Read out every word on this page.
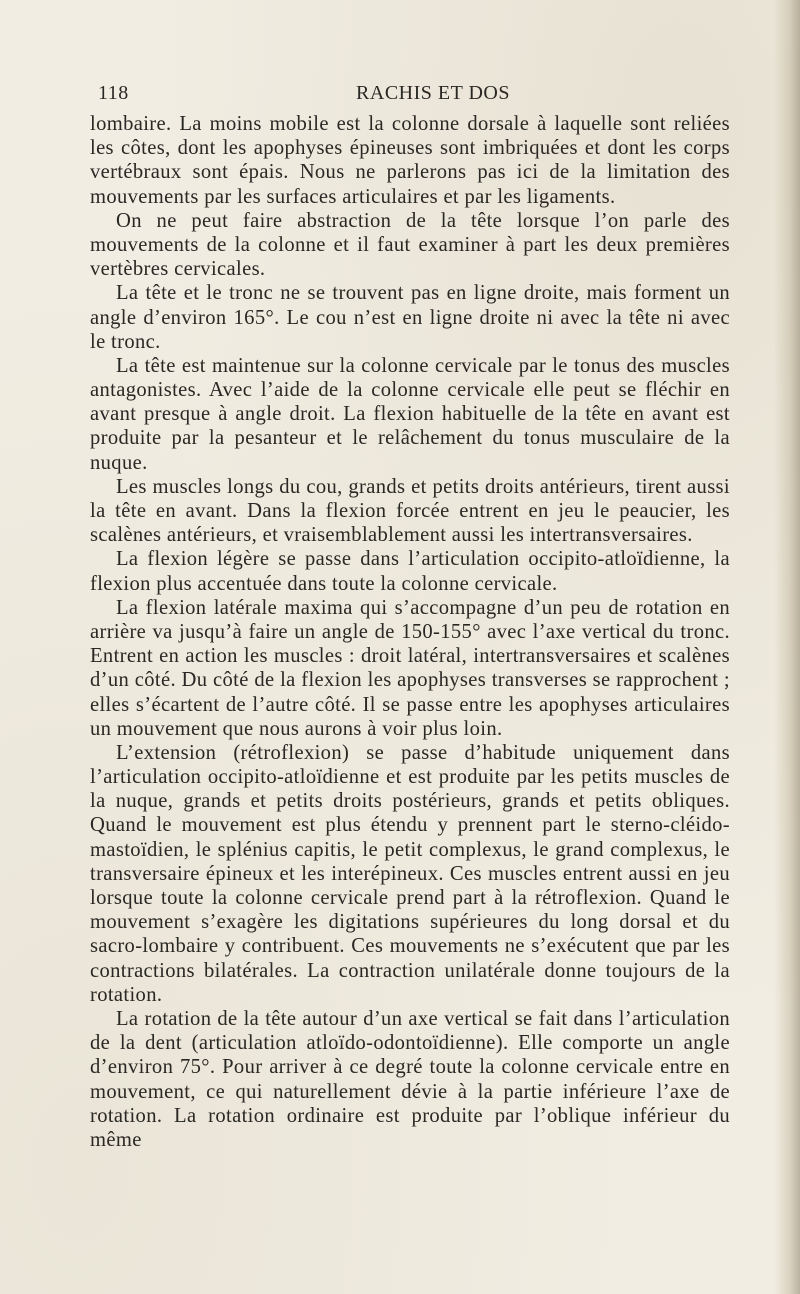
118	RACHIS ET DOS

lombaire. La moins mobile est la colonne dorsale à laquelle sont reliées les côtes, dont les apophyses épineuses sont imbriquées et dont les corps vertébraux sont épais. Nous ne parlerons pas ici de la limitation des mouvements par les surfaces articulaires et par les ligaments.

On ne peut faire abstraction de la tête lorsque l’on parle des mouvements de la colonne et il faut examiner à part les deux premières vertèbres cervicales.

La tête et le tronc ne se trouvent pas en ligne droite, mais forment un angle d’environ 165°. Le cou n’est en ligne droite ni avec la tête ni avec le tronc.

La tête est maintenue sur la colonne cervicale par le tonus des muscles antagonistes. Avec l’aide de la colonne cervicale elle peut se fléchir en avant presque à angle droit. La flexion habituelle de la tête en avant est produite par la pesanteur et le relâchement du tonus musculaire de la nuque.

Les muscles longs du cou, grands et petits droits antérieurs, tirent aussi la tête en avant. Dans la flexion forcée entrent en jeu le peaucier, les scalènes antérieurs, et vraisemblablement aussi les intertransversaires.

La flexion légère se passe dans l’articulation occipito-atloïdienne, la flexion plus accentuée dans toute la colonne cervicale.

La flexion latérale maxima qui s’accompagne d’un peu de rotation en arrière va jusqu’à faire un angle de 150-155° avec l’axe vertical du tronc. Entrent en action les muscles : droit latéral, intertransversaires et scalènes d’un côté. Du côté de la flexion les apophyses transverses se rapprochent ; elles s’écartent de l’autre côté. Il se passe entre les apophyses articulaires un mouvement que nous aurons à voir plus loin.

L’extension (rétroflexion) se passe d’habitude uniquement dans l’articulation occipito-atloïdienne et est produite par les petits muscles de la nuque, grands et petits droits postérieurs, grands et petits obliques. Quand le mouvement est plus étendu y prennent part le sterno-cléido-mastoïdien, le splénius capitis, le petit complexus, le grand complexus, le transversaire épineux et les interépineux. Ces muscles entrent aussi en jeu lorsque toute la colonne cervicale prend part à la rétroflexion. Quand le mouvement s’exagère les digitations supérieures du long dorsal et du sacro-lombaire y contribuent. Ces mouvements ne s’exécutent que par les contractions bilatérales. La contraction unilatérale donne toujours de la rotation.

La rotation de la tête autour d’un axe vertical se fait dans l’articulation de la dent (articulation atloïdo-odontoïdienne). Elle comporte un angle d’environ 75°. Pour arriver à ce degré toute la colonne cervicale entre en mouvement, ce qui naturellement dévie à la partie inférieure l’axe de rotation. La rotation ordinaire est produite par l’oblique inférieur du même
